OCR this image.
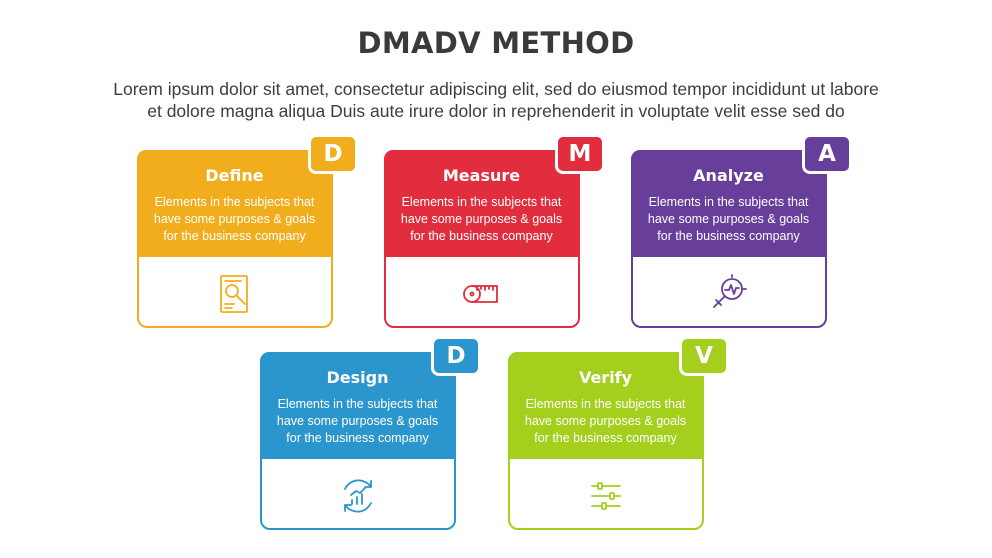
DMADV METHOD
Lorem ipsum dolor sit amet, consectetur adipiscing elit, sed do eiusmod tempor incididunt ut labore
et dolore magna aliqua Duis aute irure dolor in reprehenderit in voluptate velit esse sed do
Define
Elements in the subjects that
have some purposes & goals
for the business company
D
Measure
Elements in the subjects that
have some purposes & goals
for the business company
M
Analyze
Elements in the subjects that
have some purposes & goals
for the business company
A
Design
Elements in the subjects that
have some purposes & goals
for the business company
D
Verify
Elements in the subjects that
have some purposes & goals
for the business company
V
